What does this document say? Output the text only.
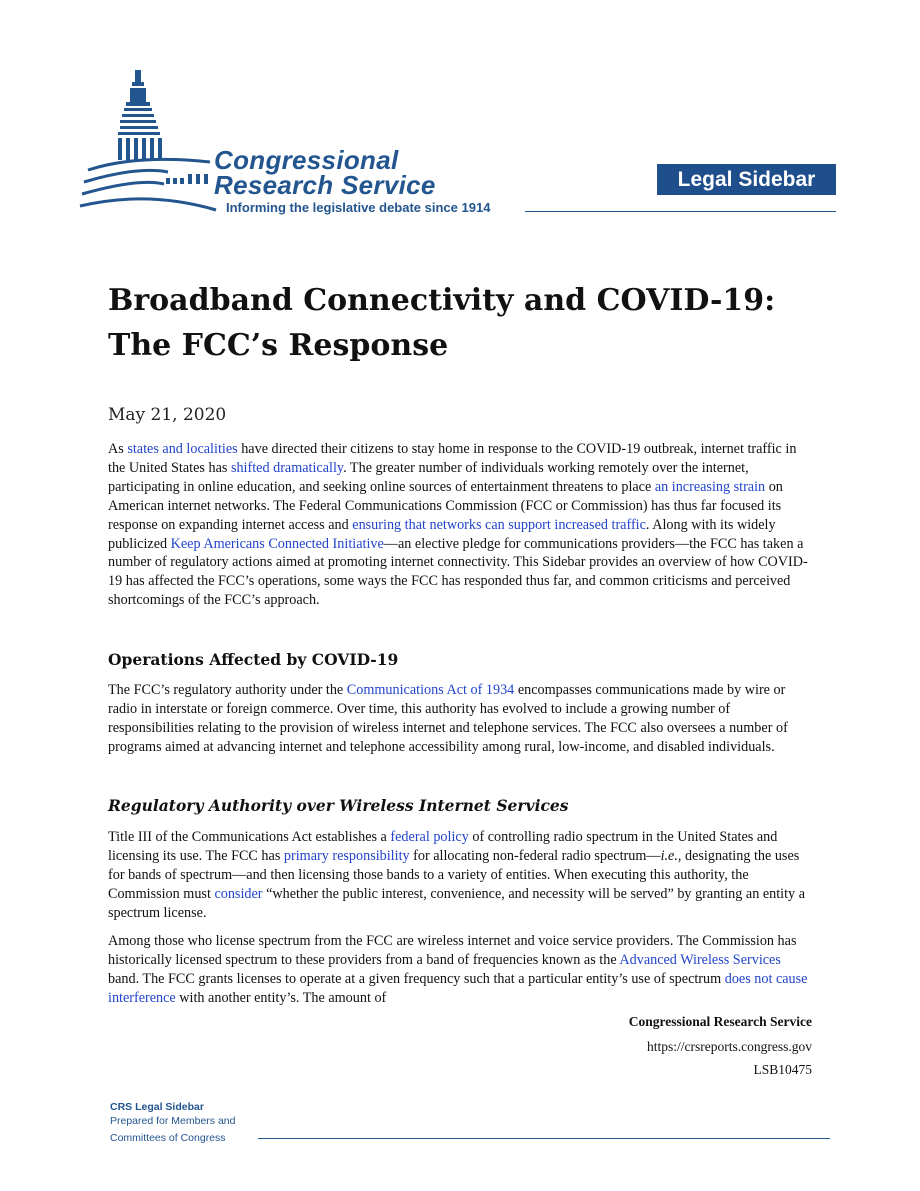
Congressional
Research Service
Informing the legislative debate since 1914
Legal Sidebar
Broadband Connectivity and COVID-19:
The FCC’s Response
May 21, 2020

As states and localities have directed their citizens to stay home in response to the COVID-19 outbreak, internet traffic in the United States has shifted dramatically. The greater number of individuals working remotely over the internet, participating in online education, and seeking online sources of entertainment threatens to place an increasing strain on American internet networks. The Federal Communications Commission (FCC or Commission) has thus far focused its response on expanding internet access and ensuring that networks can support increased traffic. Along with its widely publicized Keep Americans Connected Initiative—an elective pledge for communications providers—the FCC has taken a number of regulatory actions aimed at promoting internet connectivity. This Sidebar provides an overview of how COVID-19 has affected the FCC’s operations, some ways the FCC has responded thus far, and common criticisms and perceived shortcomings of the FCC’s approach.

Operations Affected by COVID-19

The FCC’s regulatory authority under the Communications Act of 1934 encompasses communications made by wire or radio in interstate or foreign commerce. Over time, this authority has evolved to include a growing number of responsibilities relating to the provision of wireless internet and telephone services. The FCC also oversees a number of programs aimed at advancing internet and telephone accessibility among rural, low-income, and disabled individuals.

Regulatory Authority over Wireless Internet Services

Title III of the Communications Act establishes a federal policy of controlling radio spectrum in the United States and licensing its use. The FCC has primary responsibility for allocating non-federal radio spectrum—i.e., designating the uses for bands of spectrum—and then licensing those bands to a variety of entities. When executing this authority, the Commission must consider “whether the public interest, convenience, and necessity will be served” by granting an entity a spectrum license.

Among those who license spectrum from the FCC are wireless internet and voice service providers. The Commission has historically licensed spectrum to these providers from a band of frequencies known as the Advanced Wireless Services band. The FCC grants licenses to operate at a given frequency such that a particular entity’s use of spectrum does not cause interference with another entity’s. The amount of

Congressional Research Service
https://crsreports.congress.gov
LSB10475
CRS Legal Sidebar
Prepared for Members and
Committees of Congress
